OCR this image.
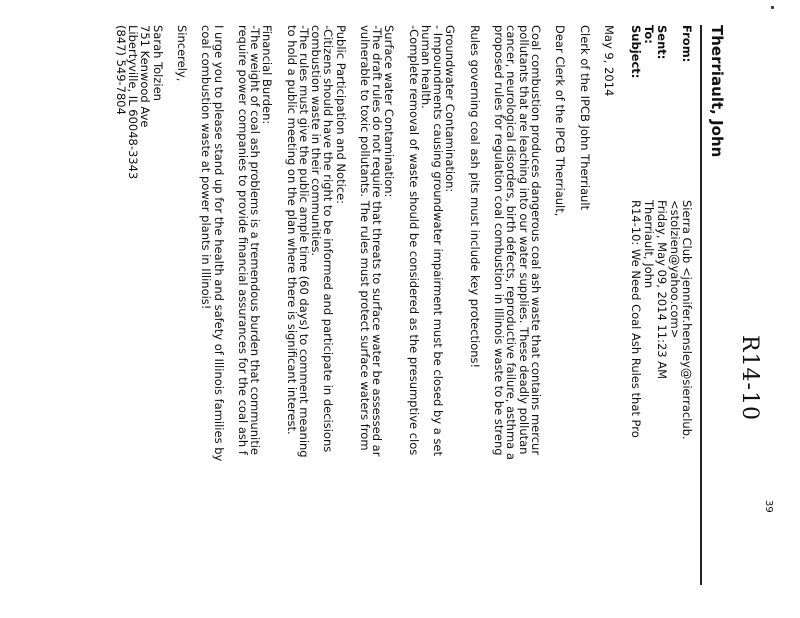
39
R14-10
Therriault, John
From:
Sierra Club <jennifer.hensley@sierraclub.
<stolzien@yahoo.com>
Sent:
Friday, May 09, 2014 11:23 AM
To:
Therriault, John
Subject:
R14-10: We Need Coal Ash Rules that Pro
May 9, 2014
Clerk of the IPCB John Therriault
Dear Clerk of the IPCB Therriault,
Coal combustion produces dangerous coal ash waste that contains mercur
pollutants that are leaching into our water supplies. These deadly pollutan
cancer, neurological disorders, birth defects, reproductive failure, asthma a
proposed rules for regulation coal combustion in Illinois waste to be streng
Rules governing coal ash pits must include key protections!
Groundwater Contamination:
- Impoundments causing groundwater impairment must be closed by a set
human health.
-Complete removal of waste should be considered as the presumptive clos
Surface water Contamination:
-The draft rules do not require that threats to surface water be assessed ar
vulnerable to toxic pollutants. The rules must protect surface waters from
Public Participation and Notice:
-Citizens should have the right to be informed and participate in decisions
combustion waste in their communities.
-The rules must give the public ample time (60 days) to comment meaning
to hold a public meeting on the plan where there is significant interest.
Financial Burden:
-The weight of coal ash problems is a tremendous burden that communitie
require power companies to provide financial assurances for the coal ash f
I urge you to please stand up for the health and safety of Illinois families by
coal combustion waste at power plants in Illinois!
Sincerely,
Sarah Tolzien
751 Kenwood Ave
Libertyville, IL 60048-3343
(847) 549-7804
